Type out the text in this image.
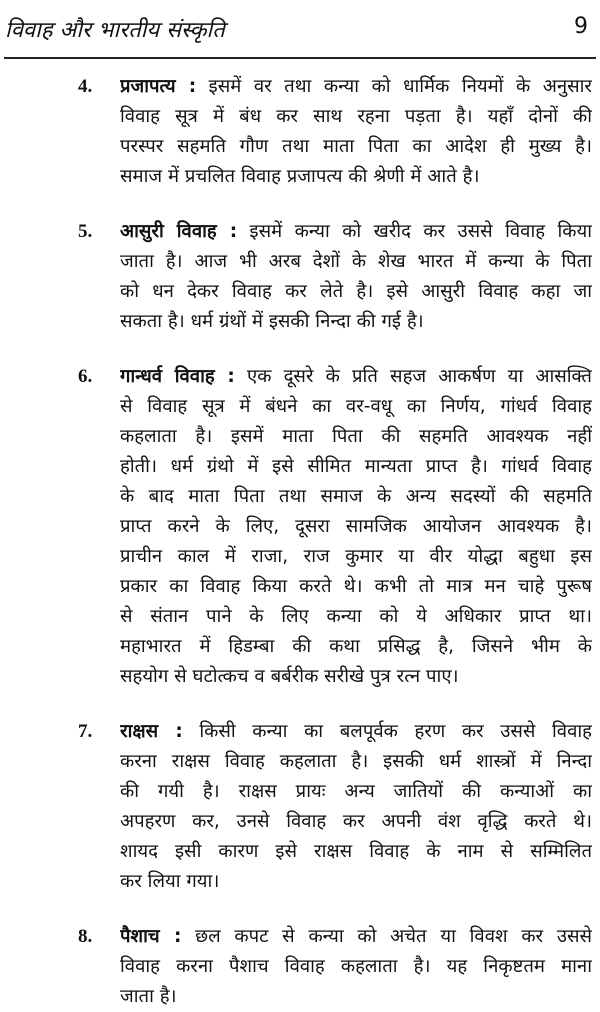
विवाह और भारतीय संस्कृति	9
4. प्रजापत्य : इसमें वर तथा कन्या को धार्मिक नियमों के अनुसार
विवाह सूत्र में बंध कर साथ रहना पड़ता है। यहाँ दोनों की
परस्पर सहमति गौण तथा माता पिता का आदेश ही मुख्य है।
समाज में प्रचलित विवाह प्रजापत्य की श्रेणी में आते है।
5. आसुरी विवाह : इसमें कन्या को खरीद कर उससे विवाह किया
जाता है। आज भी अरब देशों के शेख भारत में कन्या के पिता
को धन देकर विवाह कर लेते है। इसे आसुरी विवाह कहा जा
सकता है। धर्म ग्रंथों में इसकी निन्दा की गई है।
6. गान्धर्व विवाह : एक दूसरे के प्रति सहज आकर्षण या आसक्ति
से विवाह सूत्र में बंधने का वर-वधू का निर्णय, गांधर्व विवाह
कहलाता है। इसमें माता पिता की सहमति आवश्यक नहीं
होती। धर्म ग्रंथो में इसे सीमित मान्यता प्राप्त है। गांधर्व विवाह
के बाद माता पिता तथा समाज के अन्य सदस्यों की सहमति
प्राप्त करने के लिए, दूसरा सामजिक आयोजन आवश्यक है।
प्राचीन काल में राजा, राज कुमार या वीर योद्धा बहुधा इस
प्रकार का विवाह किया करते थे। कभी तो मात्र मन चाहे पुरूष
से संतान पाने के लिए कन्या को ये अधिकार प्राप्त था।
महाभारत में हिडम्बा की कथा प्रसिद्ध है, जिसने भीम के
सहयोग से घटोत्कच व बर्बरीक सरीखे पुत्र रत्न पाए।
7. राक्षस : किसी कन्या का बलपूर्वक हरण कर उससे विवाह
करना राक्षस विवाह कहलाता है। इसकी धर्म शास्त्रों में निन्दा
की गयी है। राक्षस प्रायः अन्य जातियों की कन्याओं का
अपहरण कर, उनसे विवाह कर अपनी वंश वृद्धि करते थे।
शायद इसी कारण इसे राक्षस विवाह के नाम से सम्मिलित
कर लिया गया।
8. पैशाच : छल कपट से कन्या को अचेत या विवश कर उससे
विवाह करना पैशाच विवाह कहलाता है। यह निकृष्टतम माना
जाता है।
